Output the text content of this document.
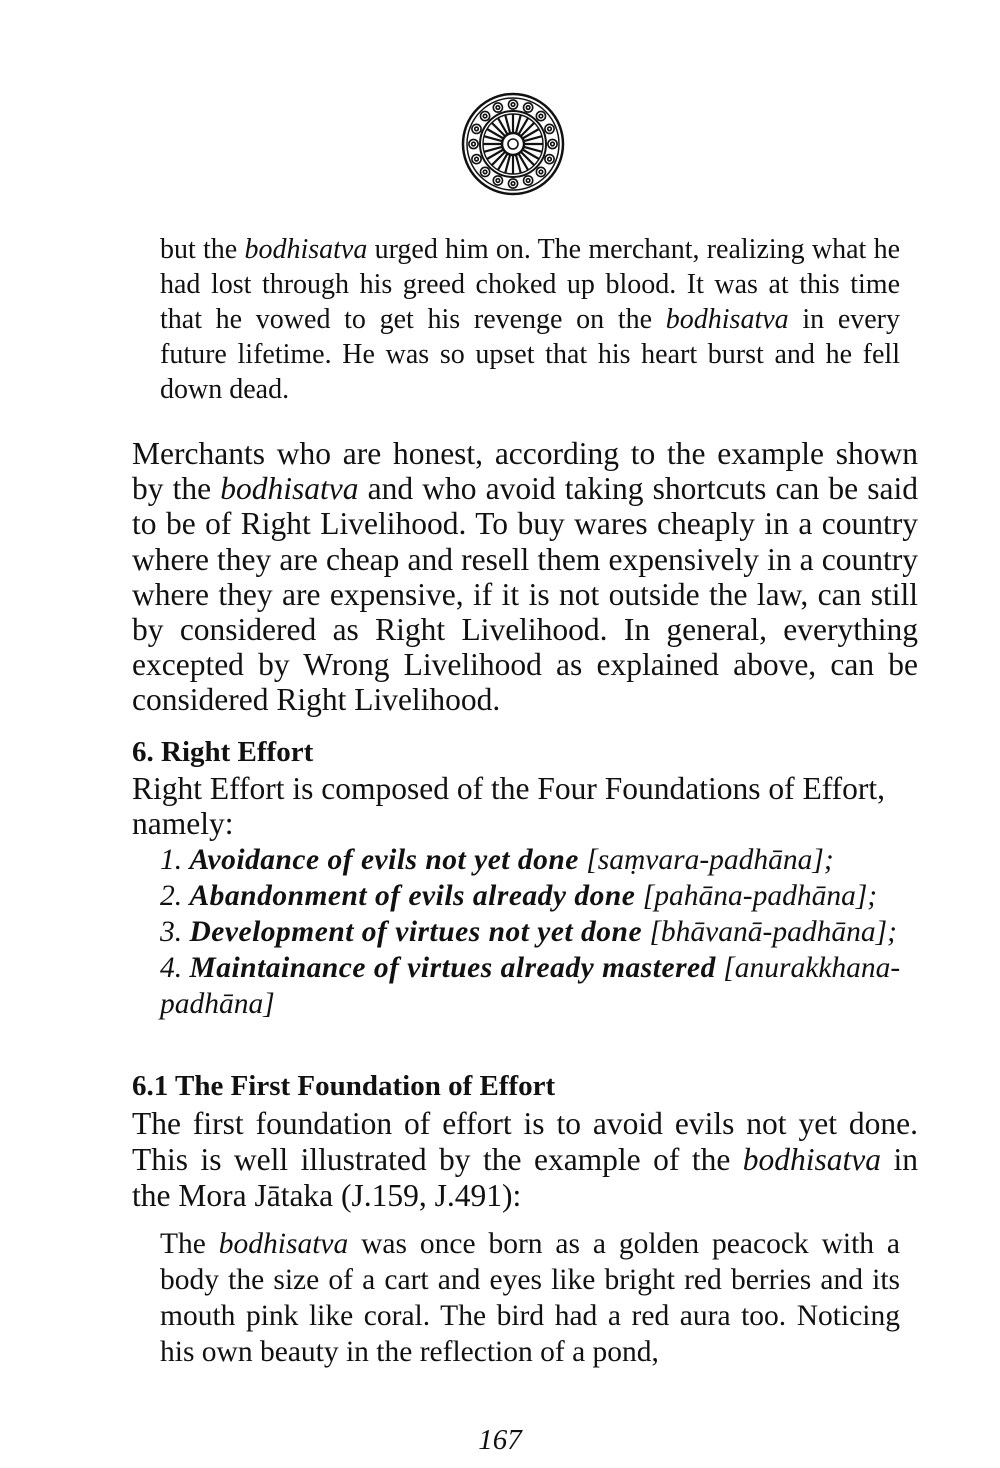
but the bodhisatva urged him on. The merchant, realizing what he had lost through his greed choked up blood. It was at this time that he vowed to get his revenge on the bodhisatva in every future lifetime. He was so upset that his heart burst and he fell down dead.
Merchants who are honest, according to the example shown by the bodhisatva and who avoid taking shortcuts can be said to be of Right Livelihood. To buy wares cheaply in a country where they are cheap and resell them expensively in a country where they are expensive, if it is not outside the law, can still by considered as Right Livelihood. In general, everything excepted by Wrong Livelihood as explained above, can be considered Right Livelihood.
6. Right Effort
Right Effort is composed of the Four Foundations of Effort, namely:
1. Avoidance of evils not yet done [saṃvara-padhāna];
2. Abandonment of evils already done [pahāna-padhāna];
3. Development of virtues not yet done [bhāvanā-padhāna];
4. Maintainance of virtues already mastered [anurakkhana-padhāna]
6.1 The First Foundation of Effort
The first foundation of effort is to avoid evils not yet done. This is well illustrated by the example of the bodhisatva in the Mora Jātaka (J.159, J.491):
The bodhisatva was once born as a golden peacock with a body the size of a cart and eyes like bright red berries and its mouth pink like coral. The bird had a red aura too. Noticing his own beauty in the reflection of a pond,
167
